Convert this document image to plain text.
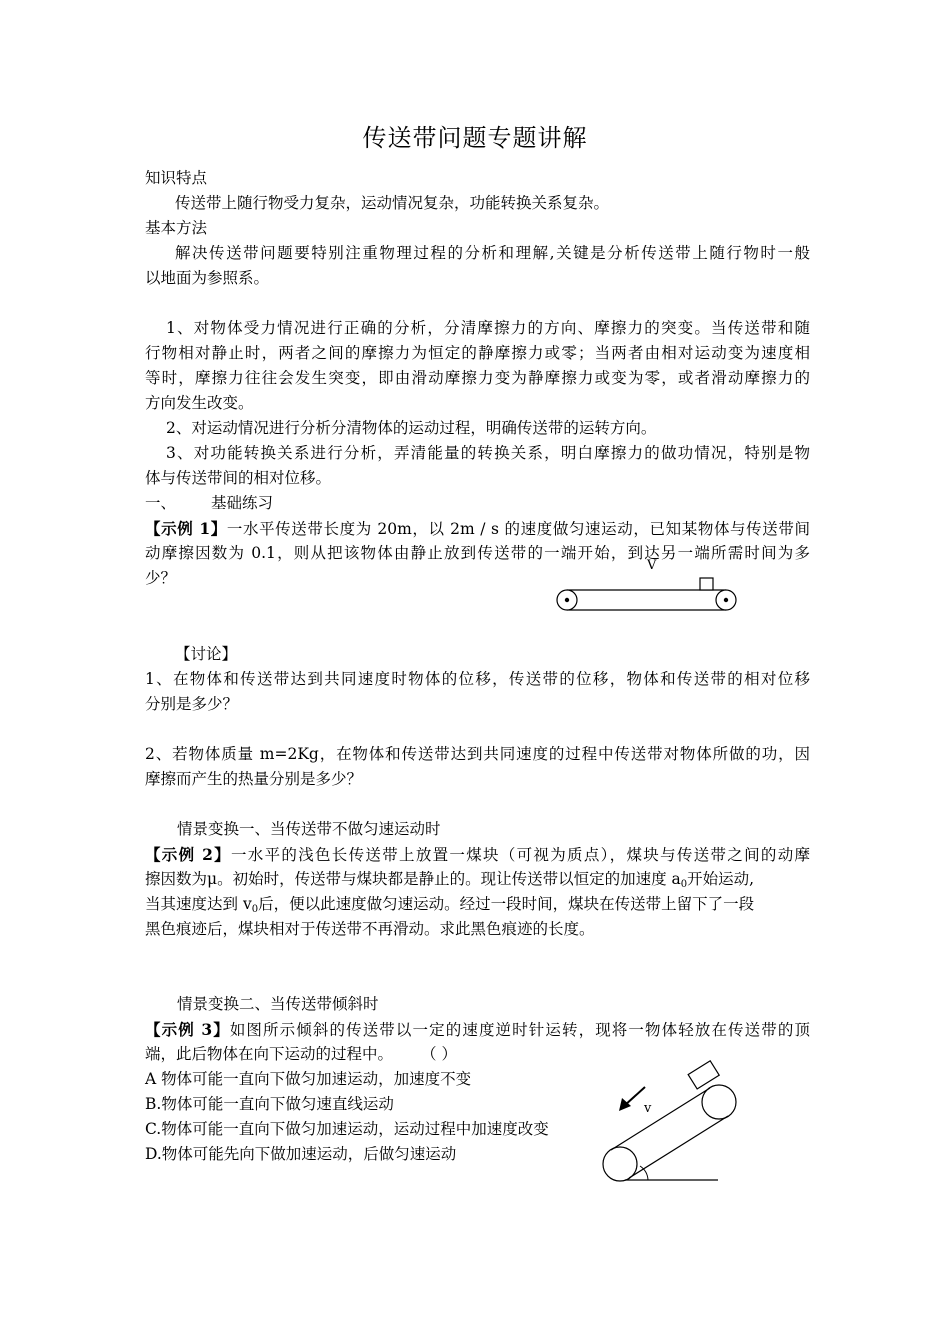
传送带问题专题讲解
知识特点
传送带上随行物受力复杂，运动情况复杂，功能转换关系复杂。
基本方法
解决传送带问题要特别注重物理过程的分析和理解,关键是分析传送带上随行物时一般
以地面为参照系。
1、对物体受力情况进行正确的分析，分清摩擦力的方向、摩擦力的突变。当传送带和随
行物相对静止时，两者之间的摩擦力为恒定的静摩擦力或零；当两者由相对运动变为速度相
等时，摩擦力往往会发生突变，即由滑动摩擦力变为静摩擦力或变为零，或者滑动摩擦力的
方向发生改变。
2、对运动情况进行分析分清物体的运动过程，明确传送带的运转方向。
3、对功能转换关系进行分析，弄清能量的转换关系，明白摩擦力的做功情况，特别是物
体与传送带间的相对位移。
一、	基础练习
【示例 1】一水平传送带长度为 20m，以 2m / s 的速度做匀速运动，已知某物体与传送带间
动摩擦因数为 0.1，则从把该物体由静止放到传送带的一端开始，到达另一端所需时间为多
少？
【讨论】
1、在物体和传送带达到共同速度时物体的位移，传送带的位移，物体和传送带的相对位移
分别是多少？
2、若物体质量 m=2Kg，在物体和传送带达到共同速度的过程中传送带对物体所做的功，因
摩擦而产生的热量分别是多少？
情景变换一、当传送带不做匀速运动时
【示例 2】一水平的浅色长传送带上放置一煤块（可视为质点），煤块与传送带之间的动摩
擦因数为μ。初始时，传送带与煤块都是静止的。现让传送带以恒定的加速度 $a_0$开始运动,
当其速度达到 $v_0$后，便以此速度做匀速运动。经过一段时间，煤块在传送带上留下了一段
黑色痕迹后，煤块相对于传送带不再滑动。求此黑色痕迹的长度。
情景变换二、当传送带倾斜时
【示例 3】如图所示倾斜的传送带以一定的速度逆时针运转，现将一物体轻放在传送带的顶
端，此后物体在向下运动的过程中。 （ ）
A 物体可能一直向下做匀加速运动，加速度不变
B.物体可能一直向下做匀速直线运动
C.物体可能一直向下做匀加速运动，运动过程中加速度改变
D.物体可能先向下做加速运动，后做匀速运动
V
v
